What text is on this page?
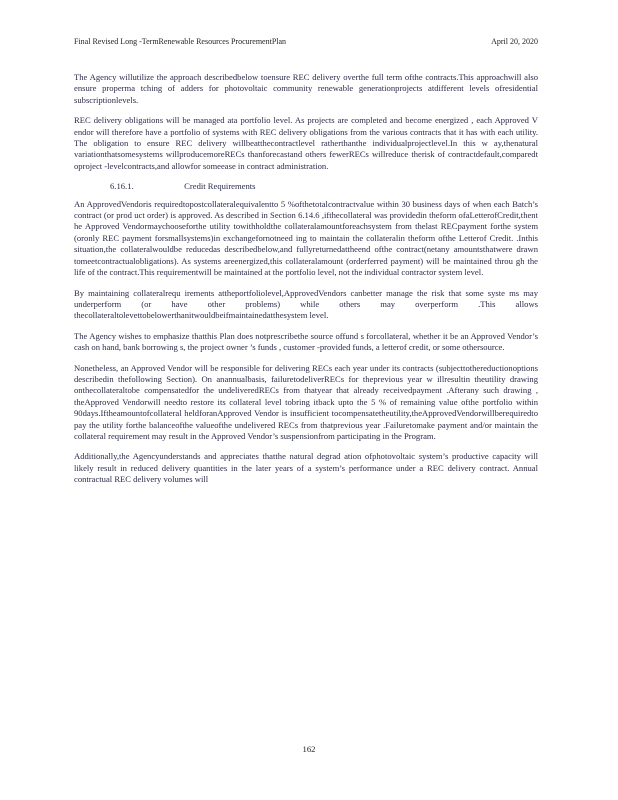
Final Revised Long -TermRenewable Resources ProcurementPlan	April 20, 2020

The Agency willutilize the approach describedbelow toensure REC delivery overthe full term ofthe contracts.This approachwill also ensure properma tching of adders for photovoltaic community renewable generationprojects atdifferent levels ofresidential subscriptionlevels.

REC delivery obligations will be managed ata portfolio level. As projects are completed and become energized , each Approved V endor will therefore have a portfolio of systems with REC delivery obligations from the various contracts that it has with each utility. The obligation to ensure REC delivery willbeatthecontractlevel ratherthanthe individualprojectlevel.In this w ay,thenatural variationthatsomesystems willproducemoreRECs thanforecastand others fewerRECs willreduce therisk of contractdefault,comparedt oproject -levelcontracts,and allowfor someease in contract administration.

6.16.1.	Credit Requirements

An ApprovedVendoris requiredtopostcollateralequivalentto 5 %ofthetotalcontractvalue within 30 business days of when each Batch’s contract (or prod uct order) is approved. As described in Section 6.14.6 ,ifthecollateral was providedin theform ofaLetterofCredit,thent he Approved Vendormaychooseforthe utility towithholdthe collateralamountforeachsystem from thelast RECpayment forthe system (oronly REC payment forsmallsystems)in exchangefornotneed ing to maintain the collateralin theform ofthe Letterof Credit. .Inthis situation,the collateralwouldbe reducedas describedbelow,and fullyreturnedattheend ofthe contract(netany amountsthatwere drawn tomeetcontractualobligations). As systems areenergized,this collateralamount (orderferred payment) will be maintained throu gh the life of the contract.This requirementwill be maintained at the portfolio level, not the individual contractor system level.

By maintaining collateralrequ irements attheportfoliolevel,ApprovedVendors canbetter manage the risk that some syste ms may underperform (or have other problems) while others may overperform .This allows thecollateraltolevettobelowerthanitwouldbeifmaintainedatthesystem level.

The Agency wishes to emphasize thatthis Plan does notprescribethe source offund s forcollateral, whether it be an Approved Vendor’s cash on hand, bank borrowing s, the project owner ’s funds , customer -provided funds, a letterof credit, or some othersource.

Nonetheless, an Approved Vendor will be responsible for delivering RECs each year under its contracts (subjecttothereductionoptions describedin thefollowing Section). On anannualbasis, failuretodeliverRECs for theprevious year w illresultin theutility drawing onthecollateraltobe compensatedfor the undeliveredRECs from thatyear that already receivedpayment .Afterany such drawing , theApproved Vendorwill needto restore its collateral level tobring itback upto the 5 % of remaining value ofthe portfolio within 90days.Iftheamountofcollateral heldforanApproved Vendor is insufficient tocompensatetheutility,theApprovedVendorwillberequiredto pay the utility forthe balanceofthe valueofthe undelivered RECs from thatprevious year .Failuretomake payment and/or maintain the collateral requirement may result in the Approved Vendor’s suspensionfrom participating in the Program.

Additionally,the Agencyunderstands and appreciates thatthe natural degrad ation ofphotovoltaic system’s productive capacity will likely result in reduced delivery quantities in the later years of a system’s performance under a REC delivery contract. Annual contractual REC delivery volumes will

162
